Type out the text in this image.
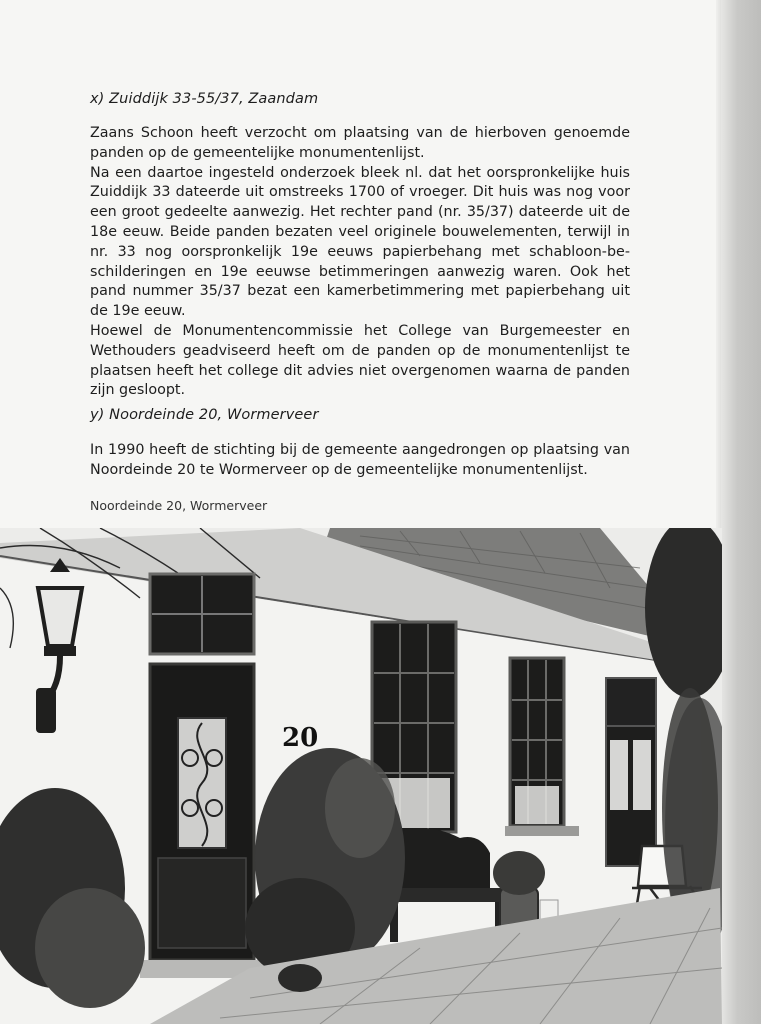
x) Zuiddijk 33-55/37, Zaandam
Zaans Schoon heeft verzocht om plaatsing van de hierboven genoemde
panden op de gemeentelijke monumentenlijst.
Na een daartoe ingesteld onderzoek bleek nl. dat het oorspronkelijke huis
Zuiddijk 33 dateerde uit omstreeks 1700 of vroeger. Dit huis was nog voor
een groot gedeelte aanwezig. Het rechter pand (nr. 35/37) dateerde uit de
18e eeuw. Beide panden bezaten veel originele bouwelementen, terwijl in
nr. 33 nog oorspronkelijk 19e eeuws papierbehang met schabloon-be-
schilderingen en 19e eeuwse betimmeringen aanwezig waren. Ook het
pand nummer 35/37 bezat een kamerbetimmering met papierbehang uit
de 19e eeuw.
Hoewel de Monumentencommissie het College van Burgemeester en
Wethouders geadviseerd heeft om de panden op de monumentenlijst te
plaatsen heeft het college dit advies niet overgenomen waarna de panden
zijn gesloopt.
y) Noordeinde 20, Wormerveer
In 1990 heeft de stichting bij de gemeente aangedrongen op plaatsing van
Noordeinde 20 te Wormerveer op de gemeentelijke monumentenlijst.
Noordeinde 20, Wormerveer
20
